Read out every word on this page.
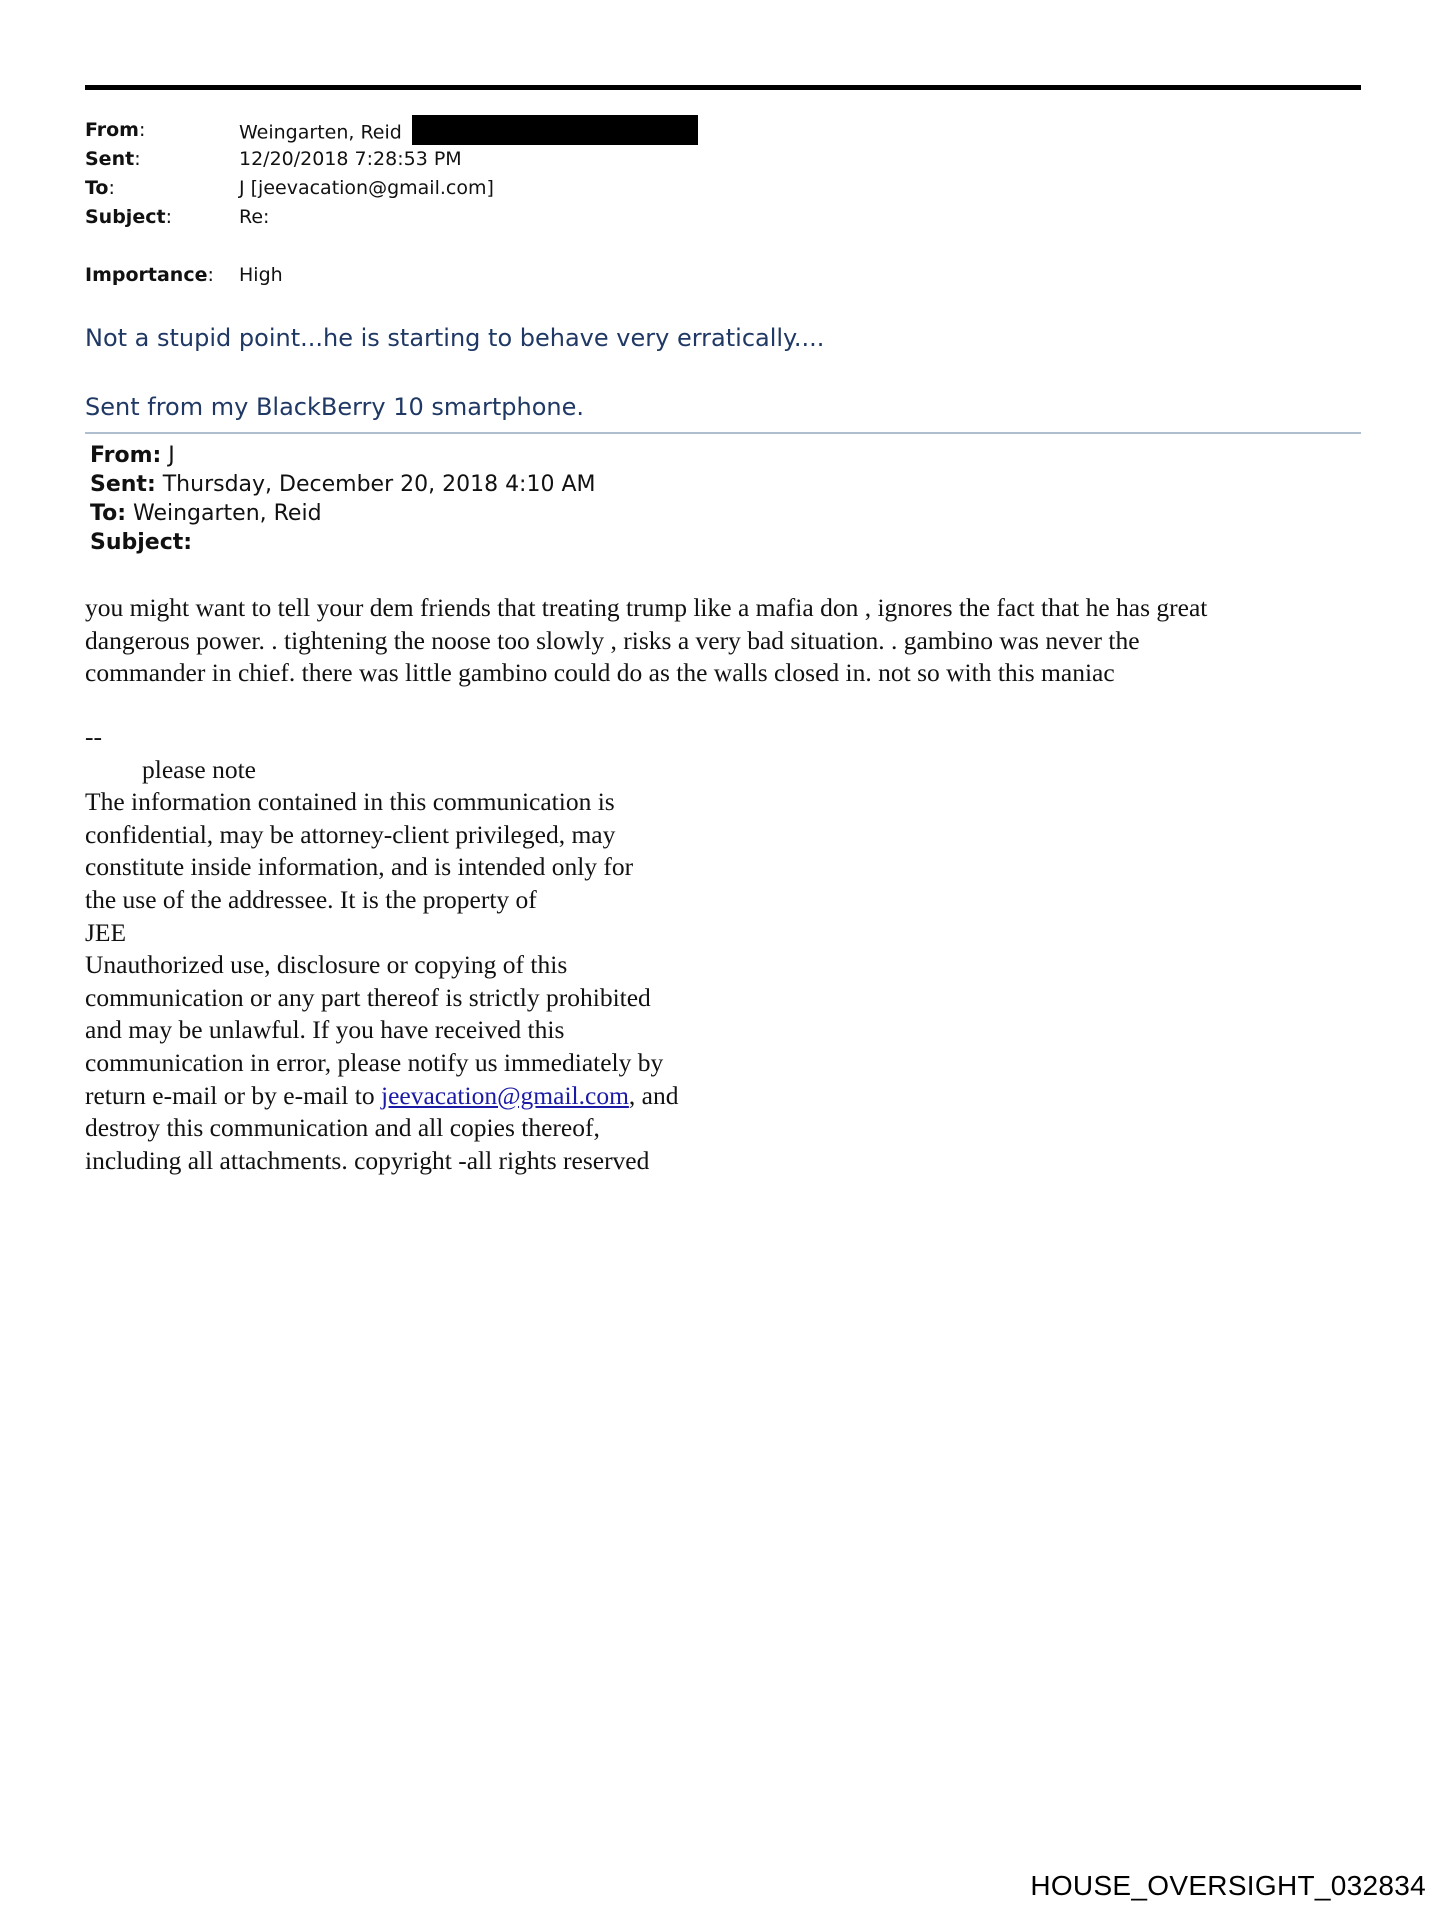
From:	Weingarten, Reid
Sent:	12/20/2018 7:28:53 PM
To:	J [jeevacation@gmail.com]
Subject:	Re:
Importance: High
Not a stupid point...he is starting to behave very erratically....
Sent from my BlackBerry 10 smartphone.
From: J
Sent: Thursday, December 20, 2018 4:10 AM
To: Weingarten, Reid
Subject:

you might want to tell your dem friends that treating trump like a mafia don , ignores the fact that he has great

dangerous power. . tightening the noose too slowly , risks a very bad situation. . gambino was never the

commander in chief. there was little gambino could do as the walls closed in. not so with this maniac

--
please note
The information contained in this communication is
confidential, may be attorney-client privileged, may
constitute inside information, and is intended only for
the use of the addressee. It is the property of
JEE
Unauthorized use, disclosure or copying of this
communication or any part thereof is strictly prohibited
and may be unlawful. If you have received this
communication in error, please notify us immediately by
return e-mail or by e-mail to jeevacation@gmail.com, and
destroy this communication and all copies thereof,
including all attachments. copyright -all rights reserved
HOUSE_OVERSIGHT_032834
